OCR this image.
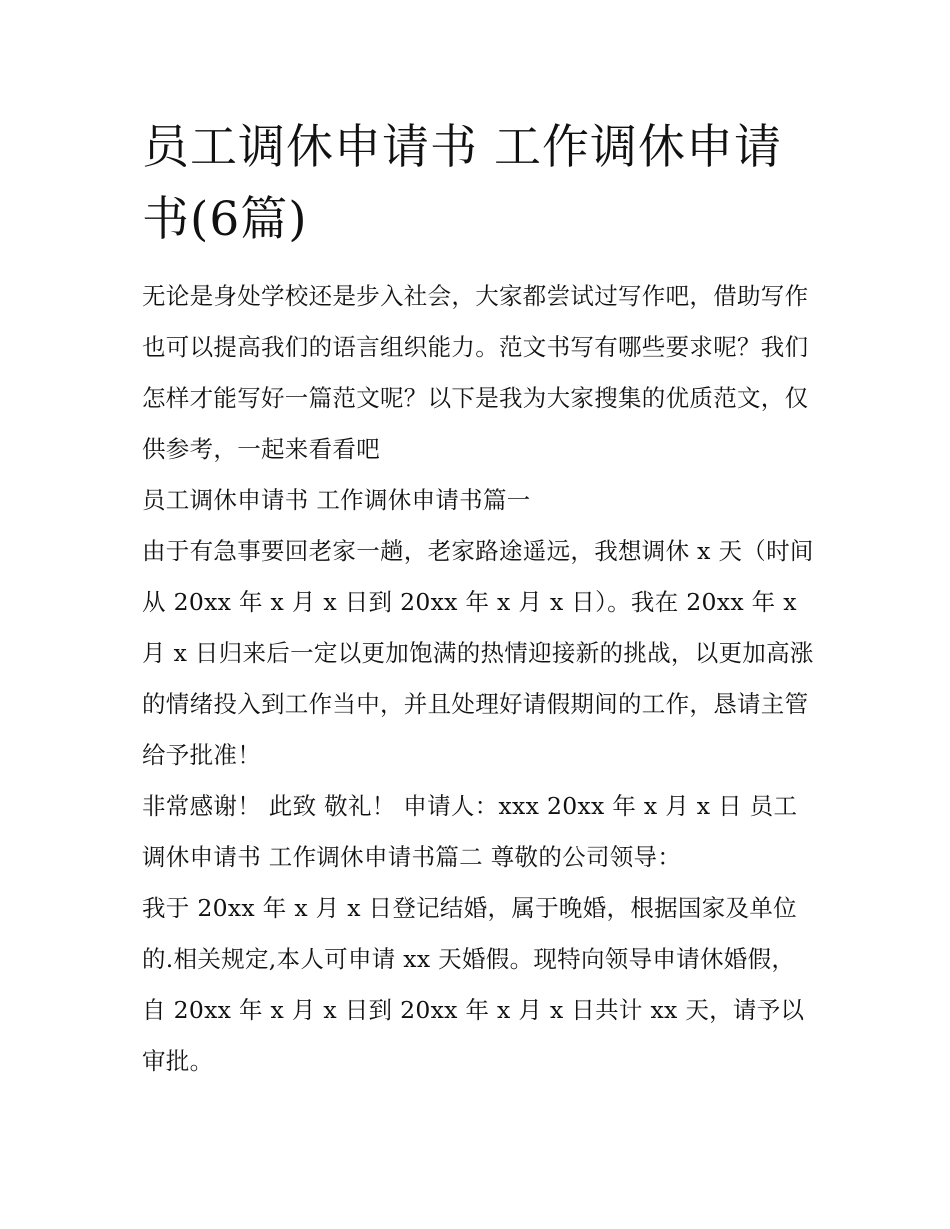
员工调休申请书 工作调休申请书(6篇)

无论是身处学校还是步入社会，大家都尝试过写作吧，借助写作也可以提高我们的语言组织能力。范文书写有哪些要求呢？我们怎样才能写好一篇范文呢？以下是我为大家搜集的优质范文，仅供参考，一起来看看吧

员工调休申请书 工作调休申请书篇一

由于有急事要回老家一趟，老家路途遥远，我想调休 x 天（时间从 20xx 年 x 月 x 日到 20xx 年 x 月 x 日）。我在 20xx 年 x 月 x 日归来后一定以更加饱满的热情迎接新的挑战，以更加高涨的情绪投入到工作当中，并且处理好请假期间的工作，恳请主管给予批准！

非常感谢！ 此致 敬礼！ 申请人：xxx 20xx 年 x 月 x 日 员工调休申请书 工作调休申请书篇二 尊敬的公司领导：

我于 20xx 年 x 月 x 日登记结婚，属于晚婚，根据国家及单位的.相关规定,本人可申请 xx 天婚假。现特向领导申请休婚假，自 20xx 年 x 月 x 日到 20xx 年 x 月 x 日共计 xx 天，请予以审批。
